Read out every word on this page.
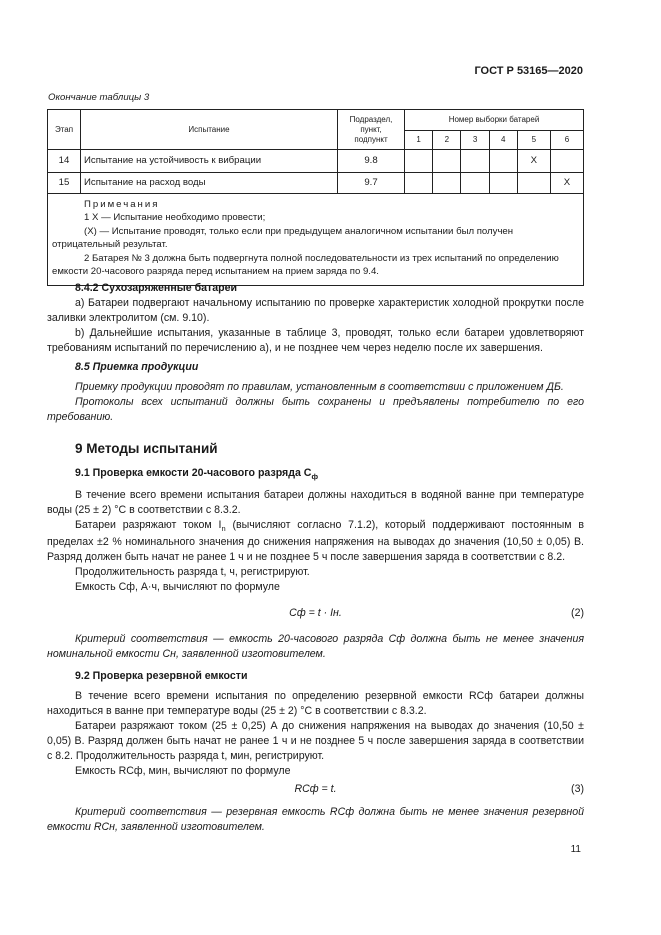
ГОСТ Р 53165—2020
Окончание таблицы 3
Этап	Испытание	Подраздел,
пункт,
подпункт	Номер выборки батарей					
			1	2	3	4	5	6
14	Испытание на устойчивость к вибрации	9.8					X	
15	Испытание на расход воды	9.7						X

Примечания
1 X — Испытание необходимо провести;
(X) — Испытание проводят, только если при предыдущем аналогичном испытании был получен отрицательный результат.
2 Батарея № 3 должна быть подвергнута полной последовательности из трех испытаний по определению емкости 20-часового разряда перед испытанием на прием заряда по 9.4.								
8.4.2 Сухозаряженные батареи
а) Батареи подвергают начальному испытанию по проверке характеристик холодной прокрутки после заливки электролитом (см. 9.10).
b) Дальнейшие испытания, указанные в таблице 3, проводят, только если батареи удовлетворяют требованиям испытаний по перечислению а), и не позднее чем через неделю после их завершения.
8.5 Приемка продукции
Приемку продукции проводят по правилам, установленным в соответствии с приложением ДБ.
Протоколы всех испытаний должны быть сохранены и предъявлены потребителю по его требованию.
9 Методы испытаний
9.1 Проверка емкости 20-часового разряда $C_ф$
В течение всего времени испытания батареи должны находиться в водяной ванне при температуре воды (25 ± 2) °С в соответствии с 8.3.2.
Батареи разряжают током $I_n$ (вычисляют согласно 7.1.2), который поддерживают постоянным в пределах ±2 % номинального значения до снижения напряжения на выводах до значения (10,50 ± 0,05) В. Разряд должен быть начат не ранее 1 ч и не позднее 5 ч после завершения заряда в соответствии с 8.2.
Продолжительность разряда t, ч, регистрируют.
Емкость Cф, А·ч, вычисляют по формуле
Cф = t · Iн.	(2)
Критерий соответствия — емкость 20-часового разряда Cф должна быть не менее значения номинальной емкости Cн, заявленной изготовителем.
9.2 Проверка резервной емкости
В течение всего времени испытания по определению резервной емкости RCф батареи должны находиться в ванне при температуре воды (25 ± 2) °С в соответствии с 8.3.2.
Батареи разряжают током (25 ± 0,25) А до снижения напряжения на выводах до значения (10,50 ± 0,05) В. Разряд должен быть начат не ранее 1 ч и не позднее 5 ч после завершения заряда в соответствии с 8.2. Продолжительность разряда t, мин, регистрируют.
Емкость RCф, мин, вычисляют по формуле
RCф = t.	(3)
Критерий соответствия — резервная емкость RCф должна быть не менее значения резервной емкости RCн, заявленной изготовителем.
11
